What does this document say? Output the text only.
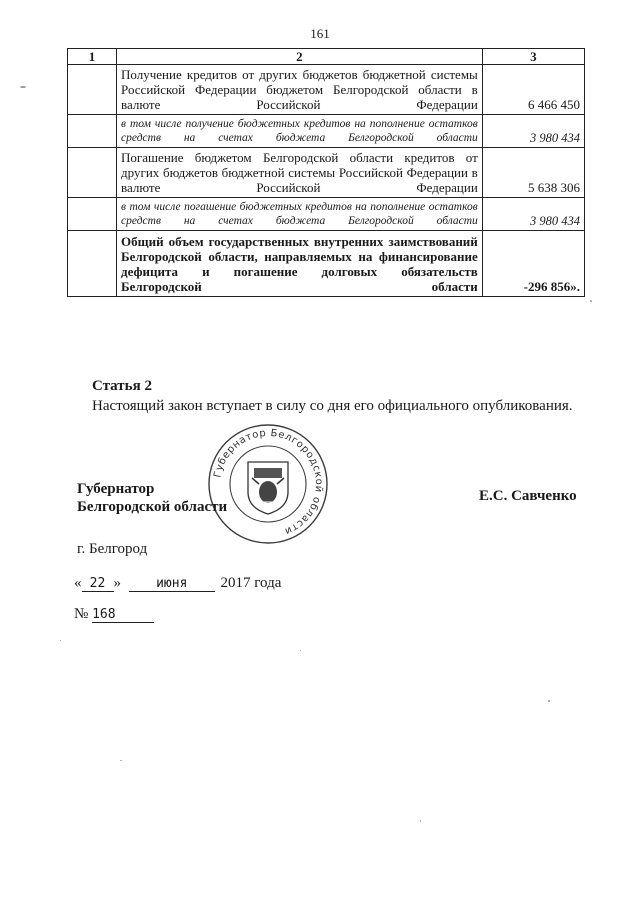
161
1	2	3
	Получение кредитов от других бюджетов бюджетной системы Российской Федерации бюджетом Белгородской области в валюте Российской Федерации	6 466 450
	в том числе получение бюджетных кредитов на пополнение остатков средств на счетах бюджета Белгородской области	3 980 434
	Погашение бюджетом Белгородской области кредитов от других бюджетов бюджетной системы Российской Федерации в валюте Российской Федерации	5 638 306
	в том числе погашение бюджетных кредитов на пополнение остатков средств на счетах бюджета Белгородской области	3 980 434
	Общий объем государственных внутренних заимствований Белгородской области, направляемых на финансирование дефицита и погашение долговых обязательств Белгородской области	-296 856».
Статья 2
Настоящий закон вступает в силу со дня его официального опубликования.
Губернатор Белгородской области
Губернатор
Белгородской области
Е.С. Савченко
г. Белгород
« 22 »	июня 2017 года
№ 168
